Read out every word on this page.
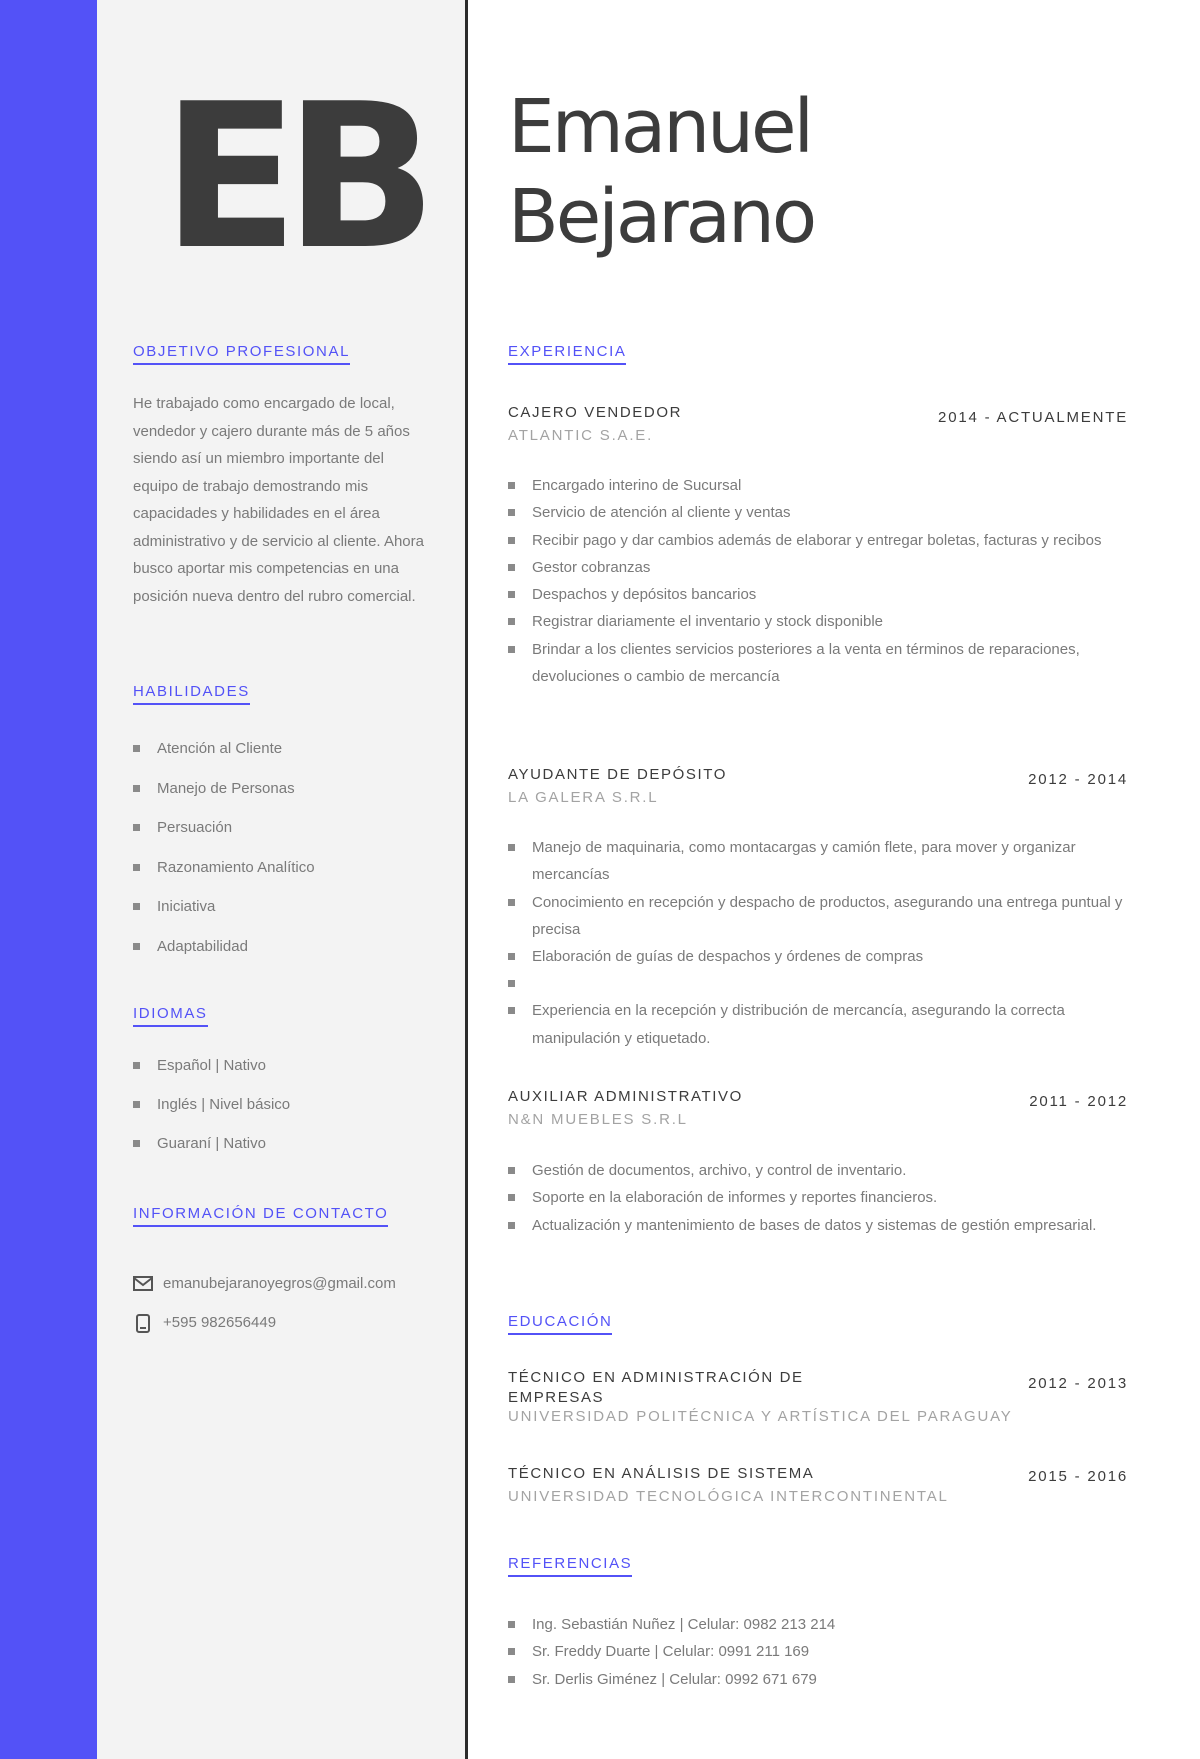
EB Emanuel
Bejarano
OBJETIVO PROFESIONAL
He trabajado como encargado de local, vendedor y cajero durante más de 5 años siendo así un miembro importante del equipo de trabajo demostrando mis capacidades y habilidades en el área administrativo y de servicio al cliente. Ahora busco aportar mis competencias en una posición nueva dentro del rubro comercial.
HABILIDADES
Atención al Cliente
Manejo de Personas
Persuación
Razonamiento Analítico
Iniciativa
Adaptabilidad
IDIOMAS
Español | Nativo
Inglés | Nivel básico
Guaraní | Nativo
INFORMACIÓN DE CONTACTO
emanubejaranoyegros@gmail.com
+595 982656449
EXPERIENCIA
CAJERO VENDEDOR
ATLANTIC S.A.E.
2014 - ACTUALMENTE
Encargado interino de Sucursal
Servicio de atención al cliente y ventas
Recibir pago y dar cambios además de elaborar y entregar boletas, facturas y recibos
Gestor cobranzas
Despachos y depósitos bancarios
Registrar diariamente el inventario y stock disponible
Brindar a los clientes servicios posteriores a la venta en términos de reparaciones, devoluciones o cambio de mercancía
AYUDANTE DE DEPÓSITO
LA GALERA S.R.L
2012 - 2014
Manejo de maquinaria, como montacargas y camión flete, para mover y organizar mercancías
Conocimiento en recepción y despacho de productos, asegurando una entrega puntual y precisa
Elaboración de guías de despachos y órdenes de compras
Experiencia en la recepción y distribución de mercancía, asegurando la correcta manipulación y etiquetado.
AUXILIAR ADMINISTRATIVO
N&N MUEBLES S.R.L
2011 - 2012
Gestión de documentos, archivo, y control de inventario.
Soporte en la elaboración de informes y reportes financieros.
Actualización y mantenimiento de bases de datos y sistemas de gestión empresarial.
EDUCACIÓN
TÉCNICO EN ADMINISTRACIÓN DE
EMPRESAS
UNIVERSIDAD POLITÉCNICA Y ARTÍSTICA DEL PARAGUAY
2012 - 2013
TÉCNICO EN ANÁLISIS DE SISTEMA
UNIVERSIDAD TECNOLÓGICA INTERCONTINENTAL
2015 - 2016
REFERENCIAS
Ing. Sebastián Nuñez | Celular: 0982 213 214
Sr. Freddy Duarte | Celular: 0991 211 169
Sr. Derlis Giménez | Celular: 0992 671 679
